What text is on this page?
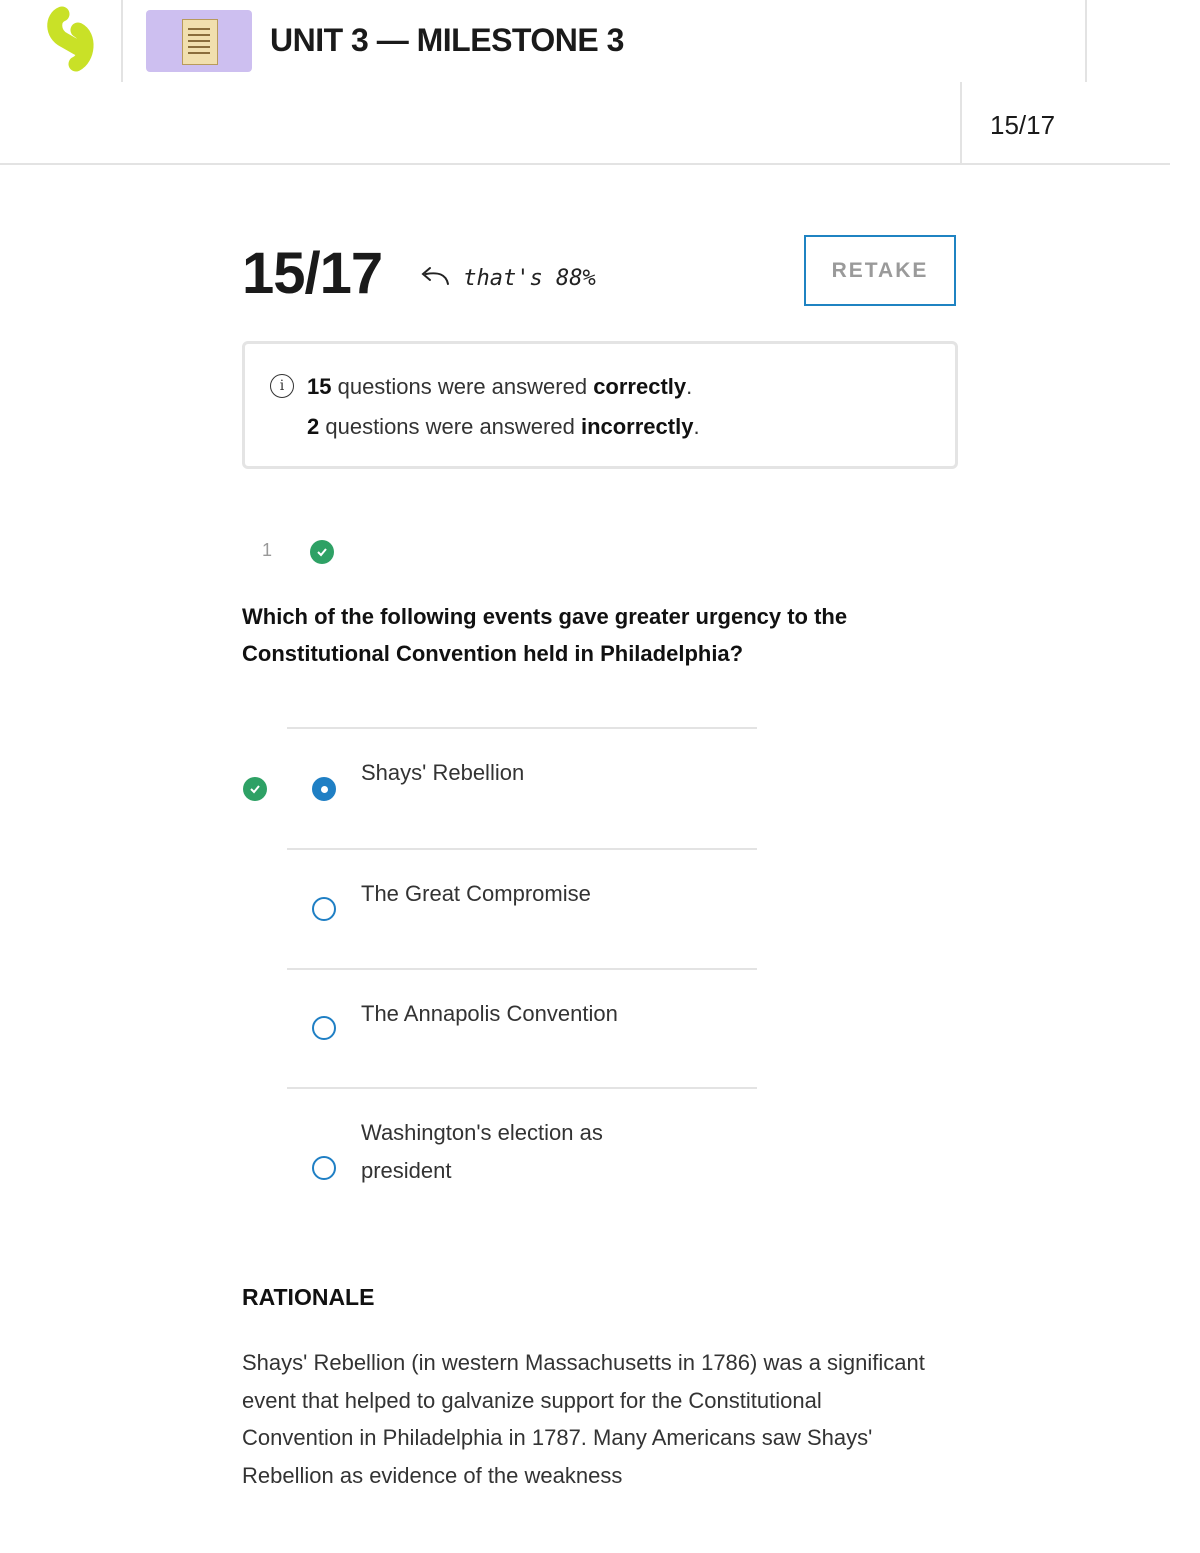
UNIT 3 — MILESTONE 3
15/17
15/17	that's 88%	RETAKE
i	15 questions were answered correctly.
2 questions were answered incorrectly.
1
Which of the following events gave greater urgency to the Constitutional Convention held in Philadelphia?
Shays' Rebellion
The Great Compromise
The Annapolis Convention
Washington's election as president
RATIONALE
Shays' Rebellion (in western Massachusetts in 1786) was a significant event that helped to galvanize support for the Constitutional Convention in Philadelphia in 1787. Many Americans saw Shays' Rebellion as evidence of the weakness
